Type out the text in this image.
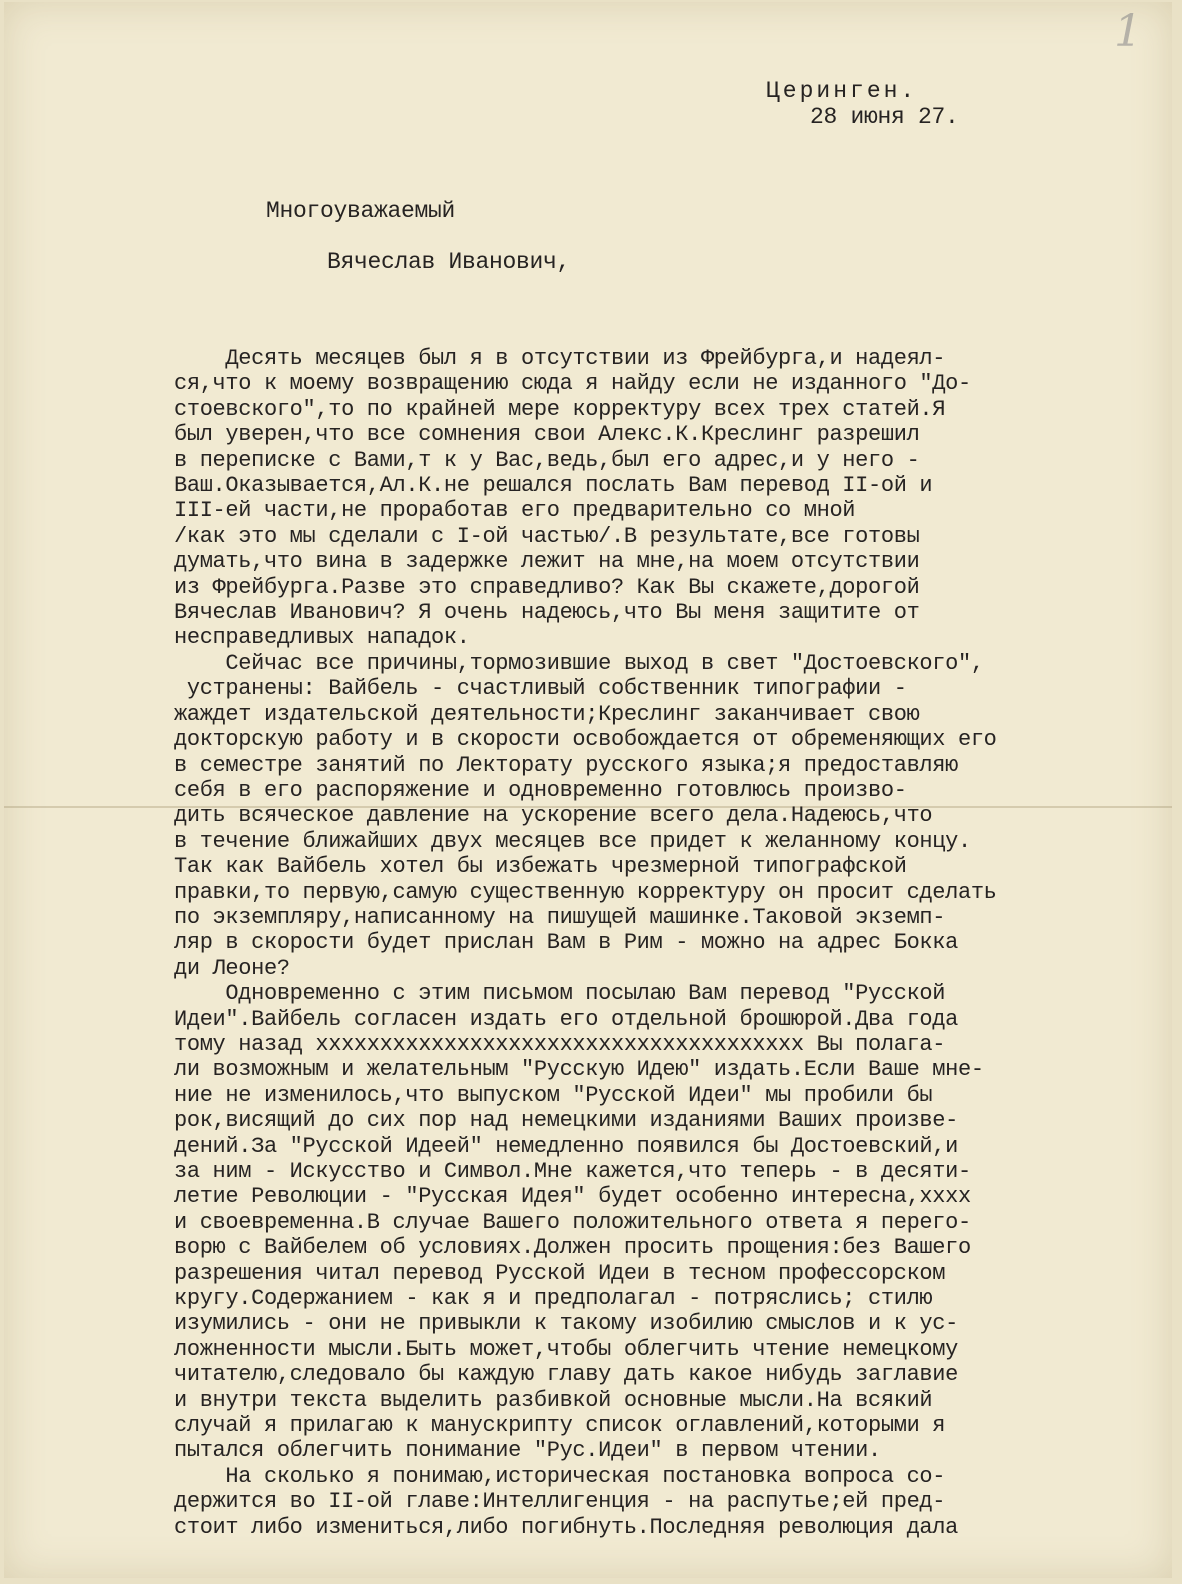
1
Церинген.
28 июня 27.
Многоуважаемый
Вячеслав Иванович,
Десять месяцев был я в отсутствии из Фрейбурга,и надеял-
ся,что к моему возвращению сюда я найду если не изданного "До-
стоевского",то по крайней мере корректуру всех трех статей.Я
был уверен,что все сомнения свои Алекс.К.Креслинг разрешил
в переписке с Вами,т к у Вас,ведь,был его адрес,и у него -
Ваш.Оказывается,Ал.К.не решался послать Вам перевод II-ой и
III-ей части,не проработав его предварительно со мной
/как это мы сделали с I-ой частью/.В результате,все готовы
думать,что вина в задержке лежит на мне,на моем отсутствии
из Фрейбурга.Разве это справедливо? Как Вы скажете,дорогой
Вячеслав Иванович? Я очень надеюсь,что Вы меня защитите от
несправедливых нападок.
Сейчас все причины,тормозившие выход в свет "Достоевского",
устранены: Вайбель - счастливый собственник типографии -
жаждет издательской деятельности;Креслинг заканчивает свою
докторскую работу и в скорости освобождается от обременяющих его
в семестре занятий по Лекторату русского языка;я предоставляю
себя в его распоряжение и одновременно готовлюсь произво-
дить всяческое давление на ускорение всего дела.Надеюсь,что
в течение ближайших двух месяцев все придет к желанному концу.
Так как Вайбель хотел бы избежать чрезмерной типографской
правки,то первую,самую существенную корректуру он просит сделать
по экземпляру,написанному на пишущей машинке.Таковой экземп-
ляр в скорости будет прислан Вам в Рим - можно на адрес Бокка
ди Леоне?
Одновременно с этим письмом посылаю Вам перевод "Русской
Идеи".Вайбель согласен издать его отдельной брошюрой.Два года
тому назад xxxxxxxxxxxxxxxxxxxxxxxxxxxxxxxxxxxxxx Вы полага-
ли возможным и желательным "Русскую Идею" издать.Если Ваше мне-
ние не изменилось,что выпуском "Русской Идеи" мы пробили бы
рок,висящий до сих пор над немецкими изданиями Ваших произве-
дений.За "Русской Идеей" немедленно появился бы Достоевский,и
за ним - Искусство и Символ.Мне кажется,что теперь - в десяти-
летие Революции - "Русская Идея" будет особенно интересна,xxxx
и своевременна.В случае Вашего положительного ответа я перего-
ворю с Вайбелем об условиях.Должен просить прощения:без Вашего
разрешения читал перевод Русской Идеи в тесном профессорском
кругу.Содержанием - как я и предполагал - потряслись; стилю
изумились - они не привыкли к такому изобилию смыслов и к ус-
ложненности мысли.Быть может,чтобы облегчить чтение немецкому
читателю,следовало бы каждую главу дать какое нибудь заглавие
и внутри текста выделить разбивкой основные мысли.На всякий
случай я прилагаю к манускрипту список оглавлений,которыми я
пытался облегчить понимание "Рус.Идеи" в первом чтении.
На сколько я понимаю,историческая постановка вопроса со-
держится во II-ой главе:Интеллигенция - на распутье;ей пред-
стоит либо измениться,либо погибнуть.Последняя революция дала
